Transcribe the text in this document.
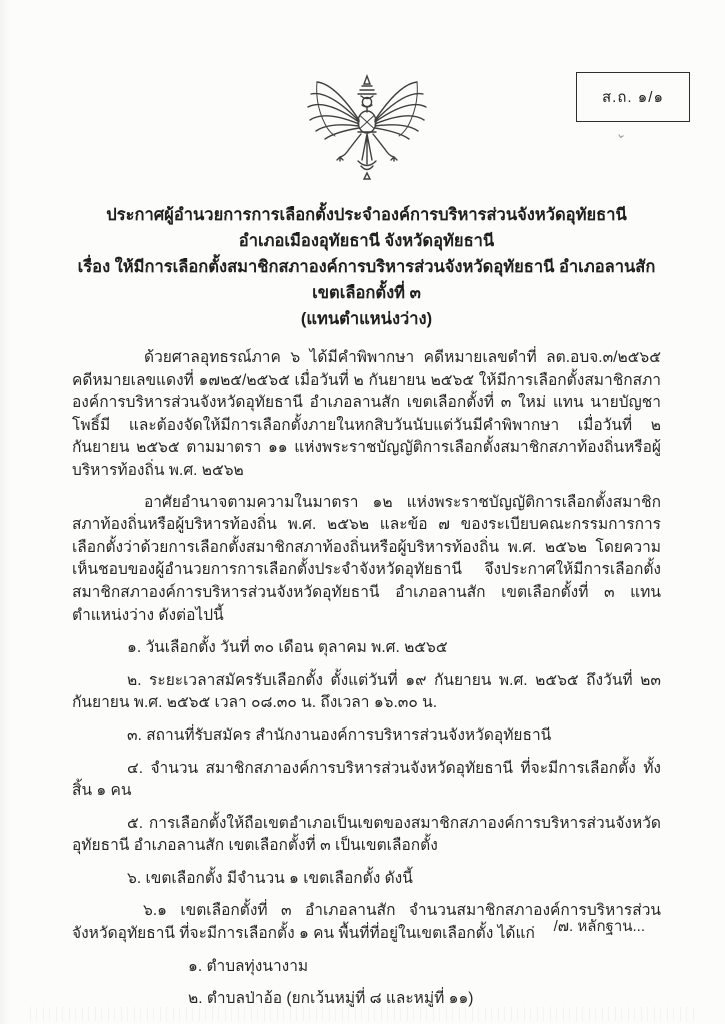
ส.ถ. ๑/๑
⌄
ประกาศผู้อำนวยการการเลือกตั้งประจำองค์การบริหารส่วนจังหวัดอุทัยธานี
อำเภอเมืองอุทัยธานี จังหวัดอุทัยธานี
เรื่อง ให้มีการเลือกตั้งสมาชิกสภาองค์การบริหารส่วนจังหวัดอุทัยธานี อำเภอลานสัก เขตเลือกตั้งที่ ๓
(แทนตำแหน่งว่าง)

ด้วยศาลอุทธรณ์ภาค ๖ ได้มีคำพิพากษา คดีหมายเลขดำที่ ลต.อบจ.๓/๒๕๖๕ คดีหมายเลขแดงที่ ๑๗๒๕/๒๕๖๕ เมื่อวันที่ ๒ กันยายน ๒๕๖๕ ให้มีการเลือกตั้งสมาชิกสภาองค์การบริหารส่วนจังหวัดอุทัยธานี อำเภอลานสัก เขตเลือกตั้งที่ ๓ ใหม่ แทน นายบัญชา โพธิ์มี และต้องจัดให้มีการเลือกตั้งภายในหกสิบวันนับแต่วันมีคำพิพากษา เมื่อวันที่ ๒ กันยายน ๒๕๖๕ ตามมาตรา ๑๑ แห่งพระราชบัญญัติการเลือกตั้งสมาชิกสภาท้องถิ่นหรือผู้บริหารท้องถิ่น พ.ศ. ๒๕๖๒

อาศัยอำนาจตามความในมาตรา ๑๒ แห่งพระราชบัญญัติการเลือกตั้งสมาชิกสภาท้องถิ่นหรือผู้บริหารท้องถิ่น พ.ศ. ๒๕๖๒ และข้อ ๗ ของระเบียบคณะกรรมการการเลือกตั้งว่าด้วยการเลือกตั้งสมาชิกสภาท้องถิ่นหรือผู้บริหารท้องถิ่น พ.ศ. ๒๕๖๒ โดยความเห็นชอบของผู้อำนวยการการเลือกตั้งประจำจังหวัดอุทัยธานี จึงประกาศให้มีการเลือกตั้งสมาชิกสภาองค์การบริหารส่วนจังหวัดอุทัยธานี อำเภอลานสัก เขตเลือกตั้งที่ ๓ แทนตำแหน่งว่าง ดังต่อไปนี้

๑. วันเลือกตั้ง วันที่ ๓๐ เดือน ตุลาคม พ.ศ. ๒๕๖๕

๒. ระยะเวลาสมัครรับเลือกตั้ง ตั้งแต่วันที่ ๑๙ กันยายน พ.ศ. ๒๕๖๕ ถึงวันที่ ๒๓ กันยายน พ.ศ. ๒๕๖๕ เวลา ๐๘.๓๐ น. ถึงเวลา ๑๖.๓๐ น.

๓. สถานที่รับสมัคร สำนักงานองค์การบริหารส่วนจังหวัดอุทัยธานี

๔. จำนวน สมาชิกสภาองค์การบริหารส่วนจังหวัดอุทัยธานี ที่จะมีการเลือกตั้ง ทั้งสิ้น ๑ คน

๕. การเลือกตั้งให้ถือเขตอำเภอเป็นเขตของสมาชิกสภาองค์การบริหารส่วนจังหวัดอุทัยธานี อำเภอลานสัก เขตเลือกตั้งที่ ๓ เป็นเขตเลือกตั้ง

๖. เขตเลือกตั้ง มีจำนวน ๑ เขตเลือกตั้ง ดังนี้

๖.๑ เขตเลือกตั้งที่ ๓ อำเภอลานสัก จำนวนสมาชิกสภาองค์การบริหารส่วนจังหวัดอุทัยธานี ที่จะมีการเลือกตั้ง ๑ คน พื้นที่ที่อยู่ในเขตเลือกตั้ง ได้แก่

๑. ตำบลทุ่งนางาม

๒. ตำบลป่าอ้อ (ยกเว้นหมู่ที่ ๘ และหมู่ที่ ๑๑)

/๗. หลักฐาน...
